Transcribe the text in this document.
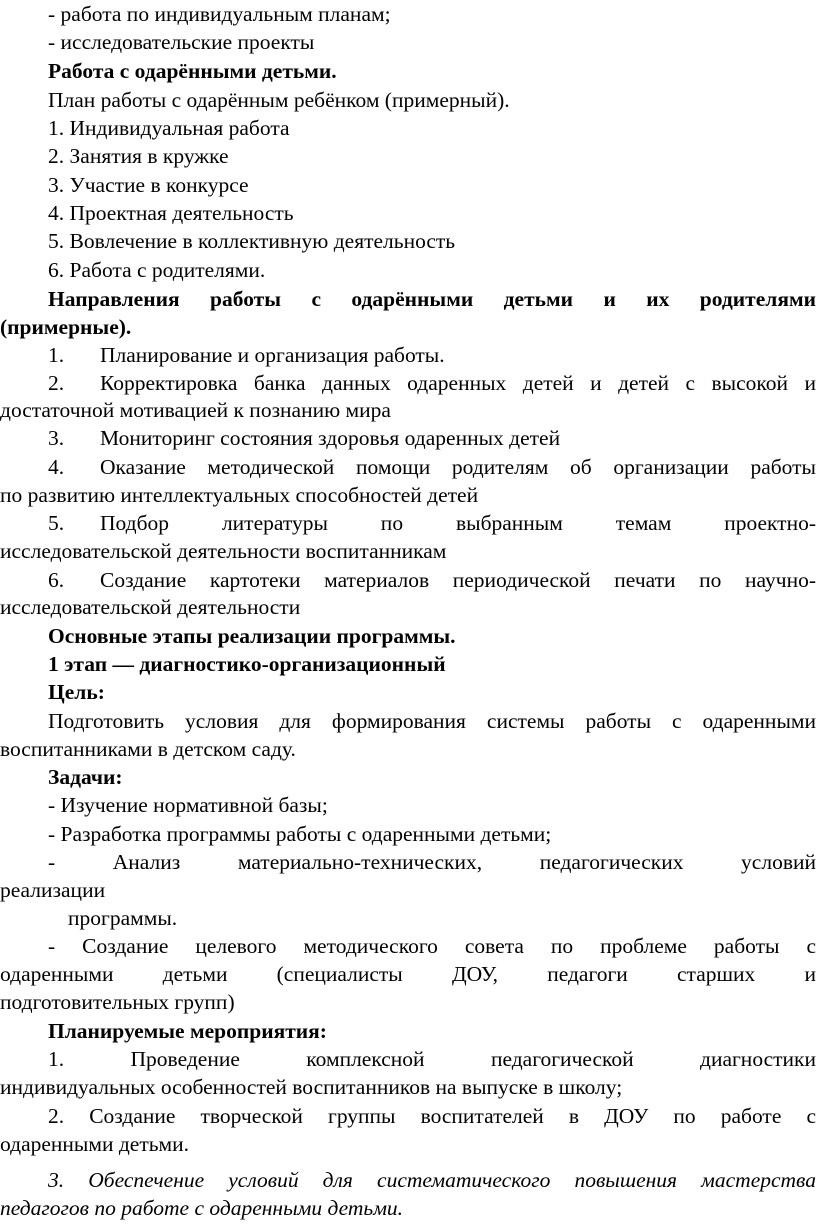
- работа по индивидуальным планам;
- исследовательские проекты
Работа с одарёнными детьми.
План работы с одарённым ребёнком (примерный).
1. Индивидуальная работа
2. Занятия в кружке
3. Участие в конкурсе
4. Проектная деятельность
5. Вовлечение в коллективную деятельность
6. Работа с родителями.
Направления работы с одарёнными детьми и их родителями
(примерные).
1. Планирование и организация работы.
2. Корректировка банка данных одаренных детей и детей с высокой и
достаточной мотивацией к познанию мира
3. Мониторинг состояния здоровья одаренных детей
4. Оказание методической помощи родителям об организации работы
по развитию интеллектуальных способностей детей
5. Подбор литературы по выбранным темам проектно-
исследовательской деятельности воспитанникам
6. Создание картотеки материалов периодической печати по научно-
исследовательской деятельности
Основные этапы реализации программы.
1 этап — диагностико-организационный
Цель:
Подготовить условия для формирования системы работы с одаренными
воспитанниками в детском саду.
Задачи:
- Изучение нормативной базы;
- Разработка программы работы с одаренными детьми;
- Анализ материально-технических, педагогических условий
реализации
программы.
- Создание целевого методического совета по проблеме работы с
одаренными детьми (специалисты ДОУ, педагоги старших и
подготовительных групп)
Планируемые мероприятия:
1. Проведение комплексной педагогической диагностики
индивидуальных особенностей воспитанников на выпуске в школу;
2. Создание творческой группы воспитателей в ДОУ по работе с
одаренными детьми.
3. Обеспечение условий для систематического повышения мастерства
педагогов по работе с одаренными детьми.
